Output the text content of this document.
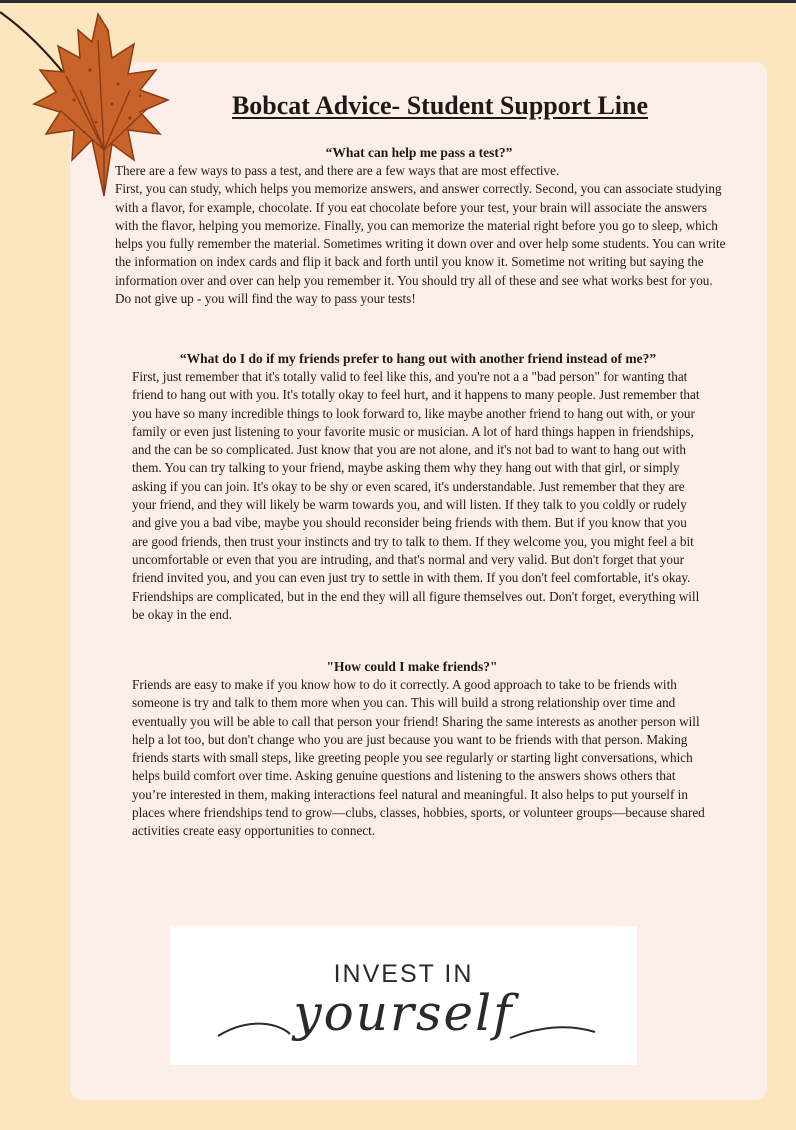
Bobcat Advice- Student Support Line

“What can help me pass a test?”

There are a few ways to pass a test, and there are a few ways that are most effective.
First, you can study, which helps you memorize answers, and answer correctly. Second, you can associate studying with a flavor, for example, chocolate. If you eat chocolate before your test, your brain will associate the answers with the flavor, helping you memorize. Finally, you can memorize the material right before you go to sleep, which helps you fully remember the material. Sometimes writing it down over and over help some students. You can write the information on index cards and flip it back and forth until you know it. Sometime not writing but saying the information over and over can help you remember it. You should try all of these and see what works best for you. Do not give up - you will find the way to pass your tests!

“What do I do if my friends prefer to hang out with another friend instead of me?”

First, just remember that it's totally valid to feel like this, and you're not a a "bad person" for wanting that friend to hang out with you. It's totally okay to feel hurt, and it happens to many people. Just remember that you have so many incredible things to look forward to, like maybe another friend to hang out with, or your family or even just listening to your favorite music or musician. A lot of hard things happen in friendships, and the can be so complicated. Just know that you are not alone, and it's not bad to want to hang out with them. You can try talking to your friend, maybe asking them why they hang out with that girl, or simply asking if you can join. It's okay to be shy or even scared, it's understandable. Just remember that they are your friend, and they will likely be warm towards you, and will listen. If they talk to you coldly or rudely and give you a bad vibe, maybe you should reconsider being friends with them. But if you know that you are good friends, then trust your instincts and try to talk to them. If they welcome you, you might feel a bit uncomfortable or even that you are intruding, and that's normal and very valid. But don't forget that your friend invited you, and you can even just try to settle in with them. If you don't feel comfortable, it's okay. Friendships are complicated, but in the end they will all figure themselves out. Don't forget, everything will be okay in the end.

"How could I make friends?"

Friends are easy to make if you know how to do it correctly. A good approach to take to be friends with someone is try and talk to them more when you can. This will build a strong relationship over time and eventually you will be able to call that person your friend! Sharing the same interests as another person will help a lot too, but don't change who you are just because you want to be friends with that person. Making friends starts with small steps, like greeting people you see regularly or starting light conversations, which helps build comfort over time. Asking genuine questions and listening to the answers shows others that you’re interested in them, making interactions feel natural and meaningful. It also helps to put yourself in places where friendships tend to grow—clubs, classes, hobbies, sports, or volunteer groups—because shared activities create easy opportunities to connect.

INVEST IN
yourself
